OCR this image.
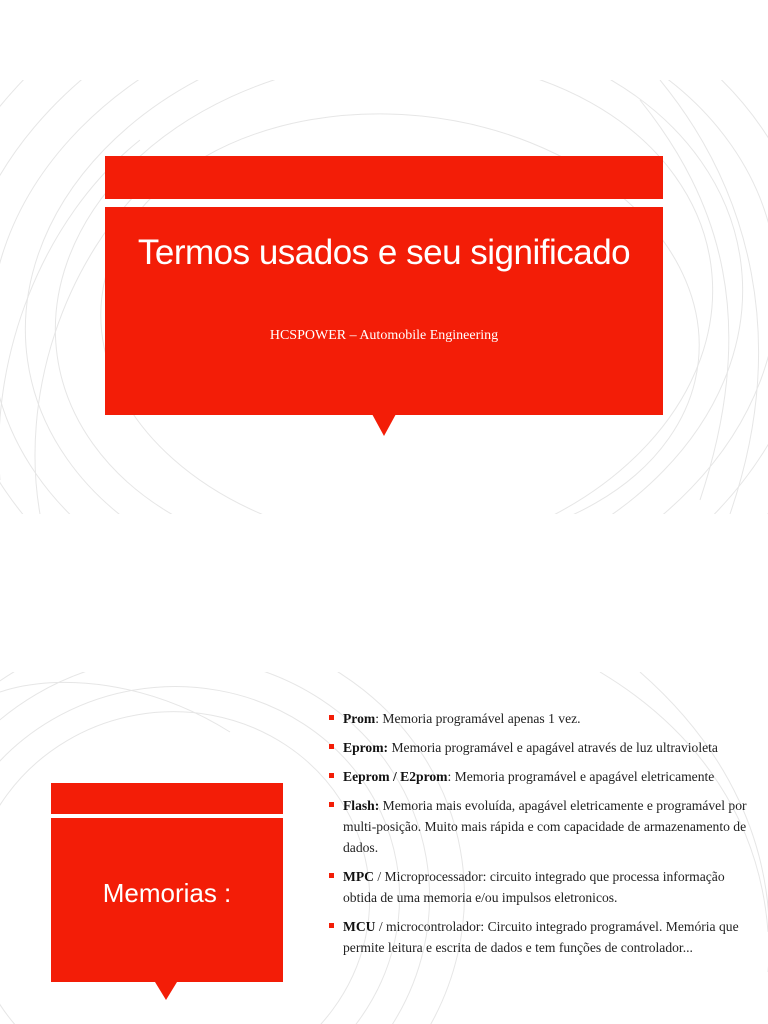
Termos usados e seu significado
HCSPOWER – Automobile Engineering
Memorias :
Prom: Memoria programável apenas 1 vez.
Eprom: Memoria programável e apagável através de luz ultravioleta
Eeprom / E2prom: Memoria programável e apagável eletricamente
Flash: Memoria mais evoluída, apagável eletricamente e programável por multi-posição. Muito mais rápida e com capacidade de armazenamento de dados.
MPC / Microprocessador: circuito integrado que processa informação obtida de uma memoria e/ou impulsos eletronicos.
MCU / microcontrolador: Circuito integrado programável. Memória que permite leitura e escrita de dados e tem funções de controlador...
